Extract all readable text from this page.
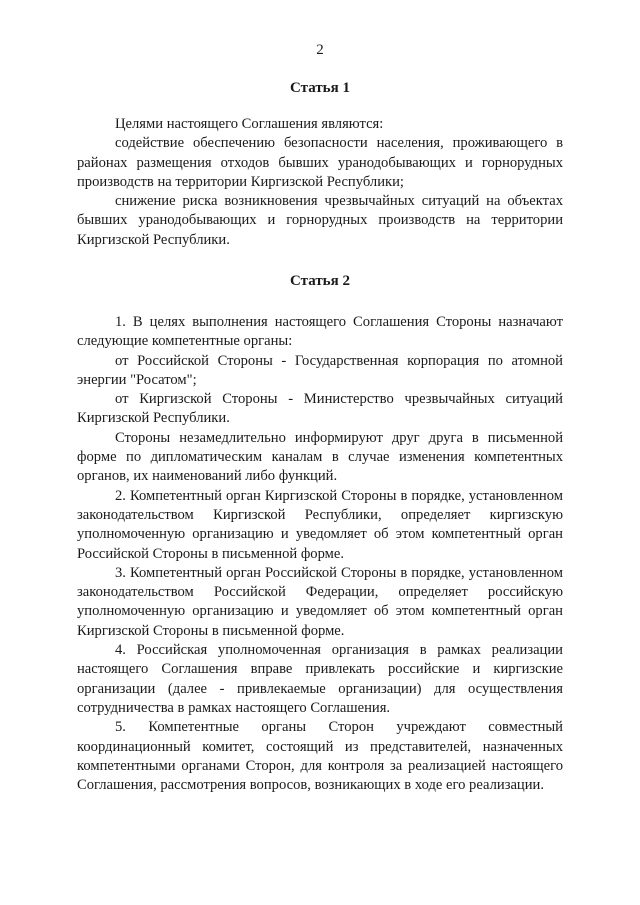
2
Статья 1

Целями настоящего Соглашения являются:

содействие обеспечению безопасности населения, проживающего в районах размещения отходов бывших уранодобывающих и горнорудных производств на территории Киргизской Республики;

снижение риска возникновения чрезвычайных ситуаций на объектах бывших уранодобывающих и горнорудных производств на территории Киргизской Республики.

Статья 2

1. В целях выполнения настоящего Соглашения Стороны назначают следующие компетентные органы:

от Российской Стороны - Государственная корпорация по атомной энергии "Росатом";

от Киргизской Стороны - Министерство чрезвычайных ситуаций Киргизской Республики.

Стороны незамедлительно информируют друг друга в письменной форме по дипломатическим каналам в случае изменения компетентных органов, их наименований либо функций.

2. Компетентный орган Киргизской Стороны в порядке, установленном законодательством Киргизской Республики, определяет киргизскую уполномоченную организацию и уведомляет об этом компетентный орган Российской Стороны в письменной форме.

3. Компетентный орган Российской Стороны в порядке, установленном законодательством Российской Федерации, определяет российскую уполномоченную организацию и уведомляет об этом компетентный орган Киргизской Стороны в письменной форме.

4. Российская уполномоченная организация в рамках реализации настоящего Соглашения вправе привлекать российские и киргизские организации (далее - привлекаемые организации) для осуществления сотрудничества в рамках настоящего Соглашения.

5. Компетентные органы Сторон учреждают совместный координационный комитет, состоящий из представителей, назначенных компетентными органами Сторон, для контроля за реализацией настоящего Соглашения, рассмотрения вопросов, возникающих в ходе его реализации.
